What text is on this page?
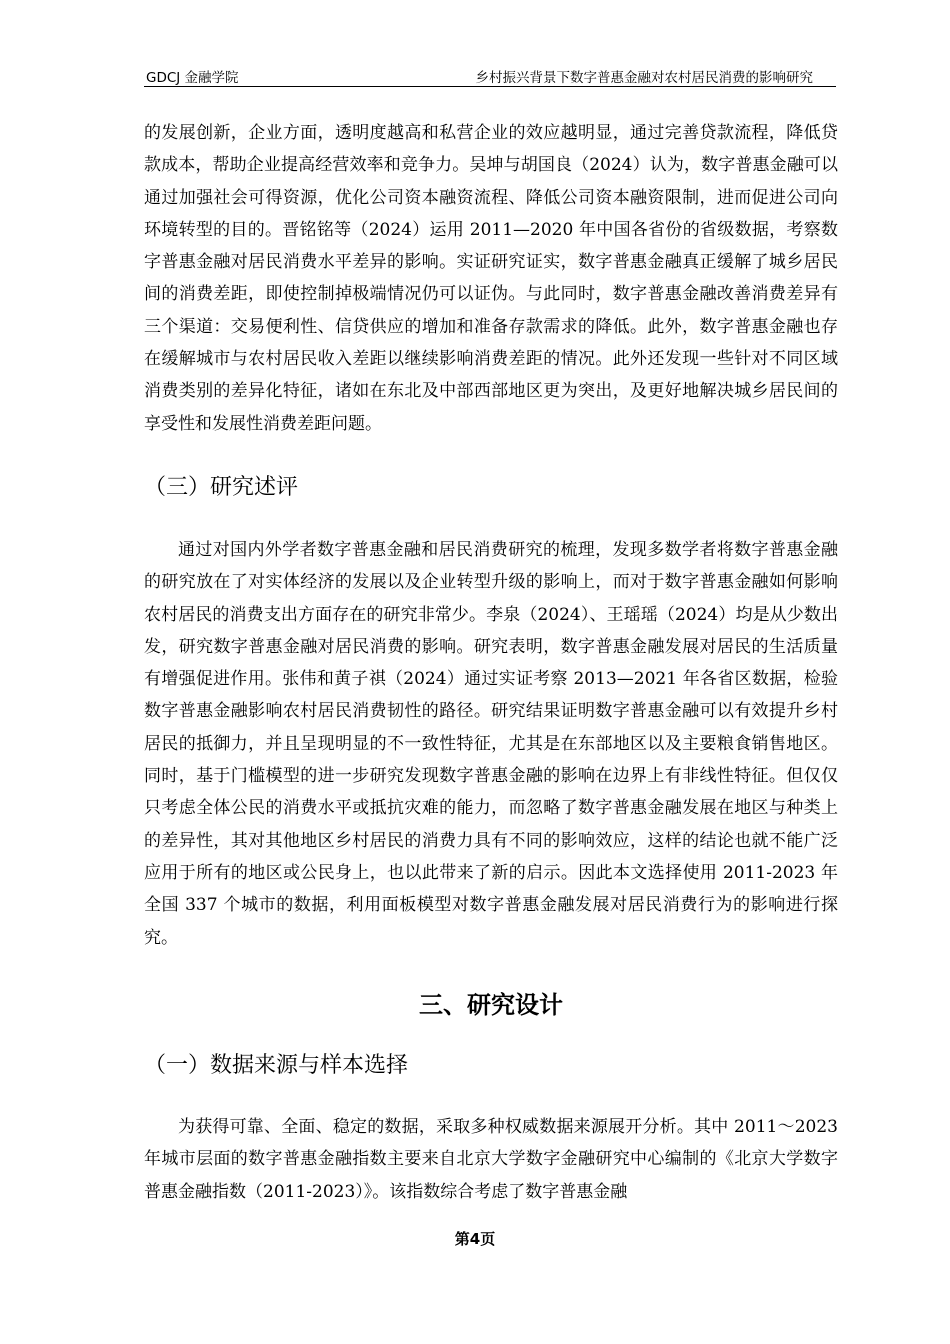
GDCJ 金融学院	乡村振兴背景下数字普惠金融对农村居民消费的影响研究

的发展创新，企业方面，透明度越高和私营企业的效应越明显，通过完善贷款流程，降低贷款成本，帮助企业提高经营效率和竞争力。吴坤与胡国良（2024）认为，数字普惠金融可以通过加强社会可得资源，优化公司资本融资流程、降低公司资本融资限制，进而促进公司向环境转型的目的。晋铭铭等（2024）运用 2011—2020 年中国各省份的省级数据，考察数字普惠金融对居民消费水平差异的影响。实证研究证实，数字普惠金融真正缓解了城乡居民间的消费差距，即使控制掉极端情况仍可以证伪。与此同时，数字普惠金融改善消费差异有三个渠道：交易便利性、信贷供应的增加和准备存款需求的降低。此外，数字普惠金融也存在缓解城市与农村居民收入差距以继续影响消费差距的情况。此外还发现一些针对不同区域消费类别的差异化特征，诸如在东北及中部西部地区更为突出，及更好地解决城乡居民间的享受性和发展性消费差距问题。

（三）研究述评

通过对国内外学者数字普惠金融和居民消费研究的梳理，发现多数学者将数字普惠金融的研究放在了对实体经济的发展以及企业转型升级的影响上，而对于数字普惠金融如何影响农村居民的消费支出方面存在的研究非常少。李泉（2024）、王瑶瑶（2024）均是从少数出发，研究数字普惠金融对居民消费的影响。研究表明，数字普惠金融发展对居民的生活质量有增强促进作用。张伟和黄子祺（2024）通过实证考察 2013—2021 年各省区数据，检验数字普惠金融影响农村居民消费韧性的路径。研究结果证明数字普惠金融可以有效提升乡村居民的抵御力，并且呈现明显的不一致性特征，尤其是在东部地区以及主要粮食销售地区。同时，基于门槛模型的进一步研究发现数字普惠金融的影响在边界上有非线性特征。但仅仅只考虑全体公民的消费水平或抵抗灾难的能力，而忽略了数字普惠金融发展在地区与种类上的差异性，其对其他地区乡村居民的消费力具有不同的影响效应，这样的结论也就不能广泛应用于所有的地区或公民身上，也以此带来了新的启示。因此本文选择使用 2011-2023 年全国 337 个城市的数据，利用面板模型对数字普惠金融发展对居民消费行为的影响进行探究。

三、研究设计
（一）数据来源与样本选择

为获得可靠、全面、稳定的数据，采取多种权威数据来源展开分析。其中 2011～2023 年城市层面的数字普惠金融指数主要来自北京大学数字金融研究中心编制的《北京大学数字普惠金融指数（2011-2023）》。该指数综合考虑了数字普惠金融

第4页
